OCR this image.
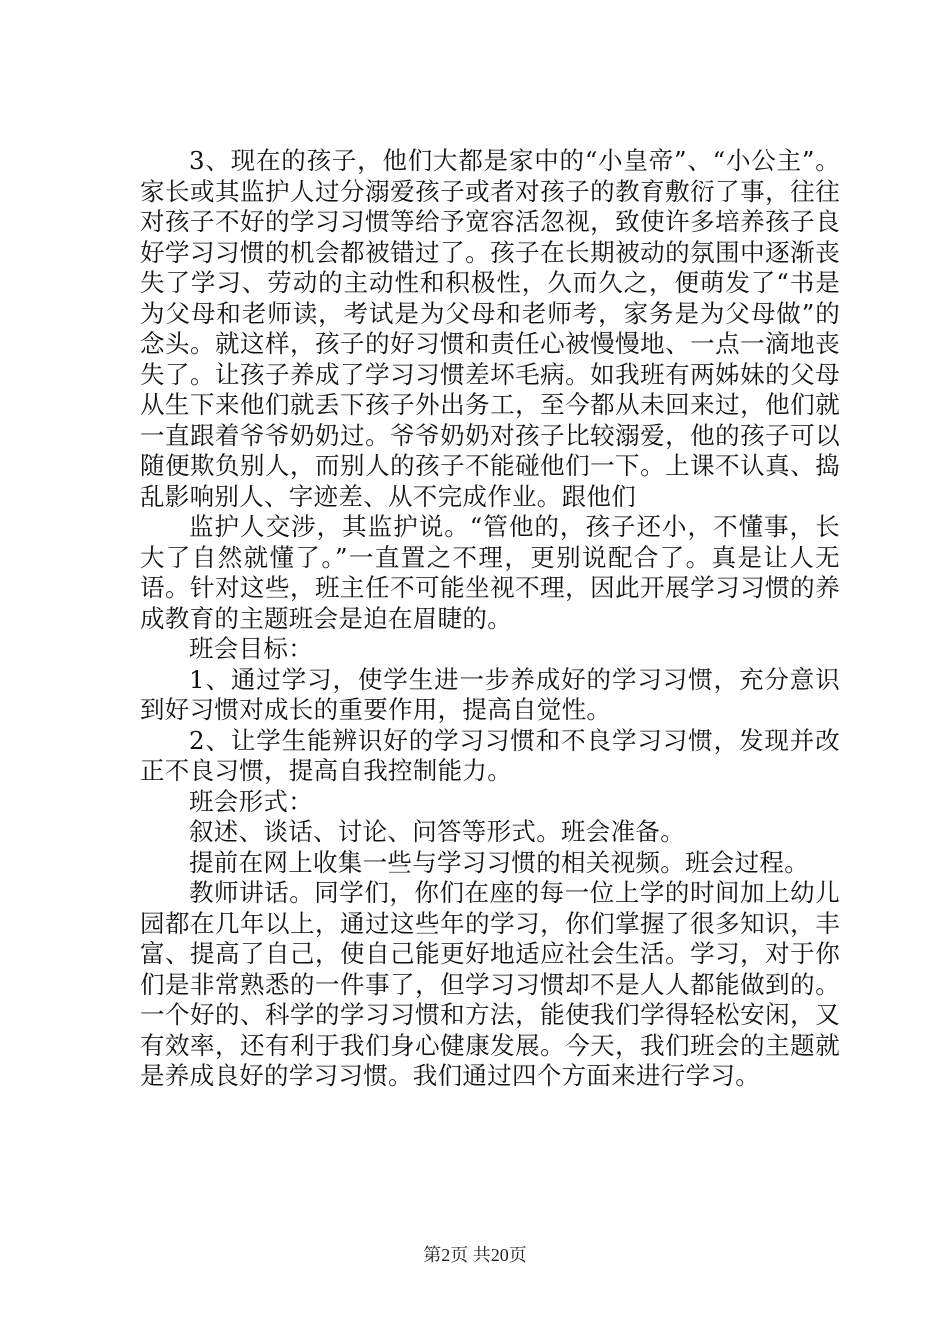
3、现在的孩子，他们大都是家中的“小皇帝”、“小公主”。家长或其监护人过分溺爱孩子或者对孩子的教育敷衍了事，往往对孩子不好的学习习惯等给予宽容活忽视，致使许多培养孩子良好学习习惯的机会都被错过了。孩子在长期被动的氛围中逐渐丧失了学习、劳动的主动性和积极性，久而久之，便萌发了“书是为父母和老师读，考试是为父母和老师考，家务是为父母做”的念头。就这样，孩子的好习惯和责任心被慢慢地、一点一滴地丧失了。让孩子养成了学习习惯差坏毛病。如我班有两姊妹的父母从生下来他们就丢下孩子外出务工，至今都从未回来过，他们就一直跟着爷爷奶奶过。爷爷奶奶对孩子比较溺爱，他的孩子可以随便欺负别人，而别人的孩子不能碰他们一下。上课不认真、捣乱影响别人、字迹差、从不完成作业。跟他们

监护人交涉，其监护说。“管他的，孩子还小，不懂事，长大了自然就懂了。”一直置之不理，更别说配合了。真是让人无语。针对这些，班主任不可能坐视不理，因此开展学习习惯的养成教育的主题班会是迫在眉睫的。

班会目标：

1、通过学习，使学生进一步养成好的学习习惯，充分意识到好习惯对成长的重要作用，提高自觉性。

2、让学生能辨识好的学习习惯和不良学习习惯，发现并改正不良习惯，提高自我控制能力。

班会形式：

叙述、谈话、讨论、问答等形式。班会准备。

提前在网上收集一些与学习习惯的相关视频。班会过程。

教师讲话。同学们，你们在座的每一位上学的时间加上幼儿园都在几年以上，通过这些年的学习，你们掌握了很多知识，丰富、提高了自己，使自己能更好地适应社会生活。学习，对于你们是非常熟悉的一件事了，但学习习惯却不是人人都能做到的。一个好的、科学的学习习惯和方法，能使我们学得轻松安闲，又有效率，还有利于我们身心健康发展。今天，我们班会的主题就是养成良好的学习习惯。我们通过四个方面来进行学习。

第2页 共20页
